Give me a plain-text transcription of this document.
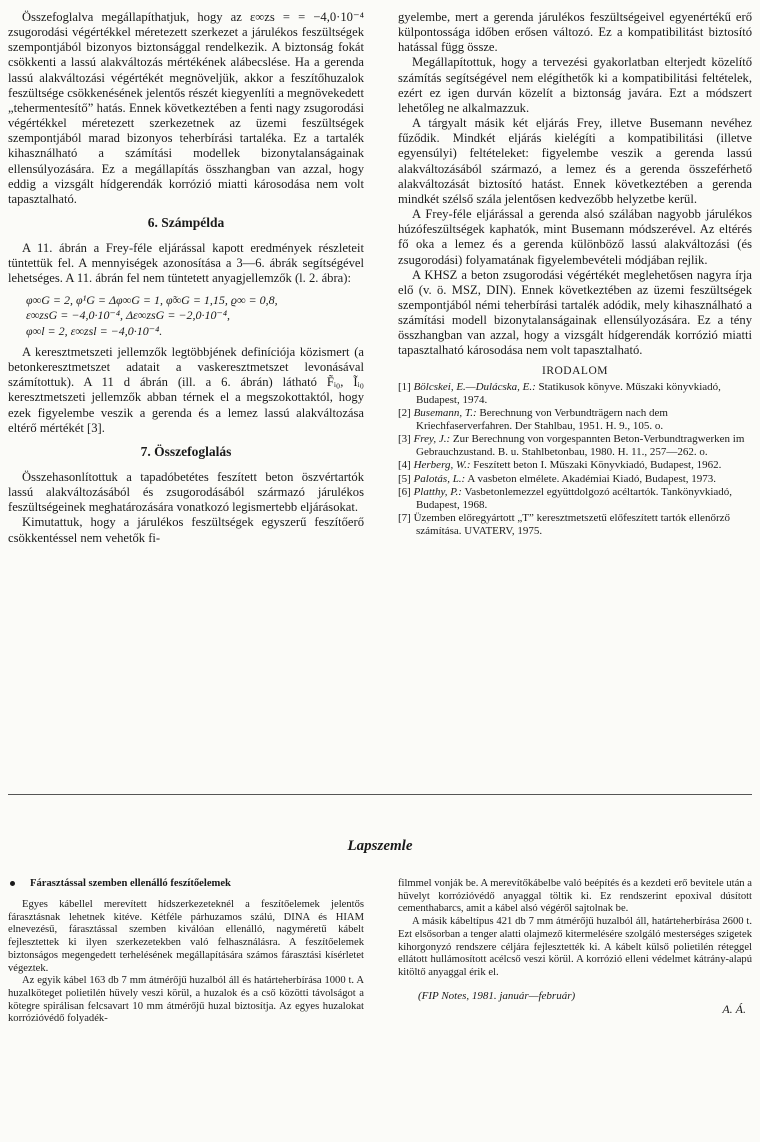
Összefoglalva megállapíthatjuk, hogy az ε∞zs = = −4,0·10⁻⁴ zsugorodási végértékkel méretezett szerkezet a járulékos feszültségek szempontjából bizonyos biztonsággal rendelkezik. A biztonság fokát csökkenti a lassú alakváltozás mértékének alábecslése. Ha a gerenda lassú alakváltozási végértékét megnöveljük, akkor a feszítőhuzalok feszültsége csökkenésének jelentős részét kiegyenlíti a megnövekedett „tehermentesítő” hatás. Ennek következtében a fenti nagy zsugorodási végértékkel méretezett szerkezetnek az üzemi feszültségek szempontjából marad bizonyos teherbírási tartaléka. Ez a tartalék kihasználható a számítási modellek bizonytalanságainak ellensúlyozására. Ez a megállapítás összhangban van azzal, hogy eddig a vizsgált hídgerendák korrózió miatti károsodása nem volt tapasztalható.

6. Számpélda

A 11. ábrán a Frey-féle eljárással kapott eredmények részleteit tüntettük fel. A mennyiségek azonosítása a 3—6. ábrák segítségével lehetséges. A 11. ábrán fel nem tüntetett anyagjellemzők (l. 2. ábra):

φ∞G = 2, φ¹G = Δφ∞G = 1, φ̃∞G = 1,15, ϱ∞ = 0,8,
ε∞zsG = −4,0·10⁻⁴, Δε∞zsG = −2,0·10⁻⁴,
φ∞l = 2, ε∞zsl = −4,0·10⁻⁴.

A keresztmetszeti jellemzők legtöbbjének definíciója közismert (a betonkeresztmetszet adatait a vaskeresztmetszet levonásával számítottuk). A 11 d ábrán (ill. a 6. ábrán) látható F̃ᵢ₀, Ĩᵢ₀ keresztmetszeti jellemzők abban térnek el a megszokottaktól, hogy ezek figyelembe veszik a gerenda és a lemez lassú alakváltozása eltérő mértékét [3].

7. Összefoglalás

Összehasonlítottuk a tapadóbetétes feszített beton öszvértartók lassú alakváltozásából és zsugorodásából származó járulékos feszültségeinek meghatározására vonatkozó legismertebb eljárásokat.

Kimutattuk, hogy a járulékos feszültségek egyszerű feszítőerő csökkentéssel nem vehetők fi-

gyelembe, mert a gerenda járulékos feszültségeivel egyenértékű erő külpontossága időben erősen változó. Ez a kompatibilitást biztosító hatással függ össze.

Megállapítottuk, hogy a tervezési gyakorlatban elterjedt közelítő számítás segítségével nem elégíthetők ki a kompatibilitási feltételek, ezért ez igen durván közelít a biztonság javára. Ezt a módszert lehetőleg ne alkalmazzuk.

A tárgyalt másik két eljárás Frey, illetve Busemann nevéhez fűződik. Mindkét eljárás kielégíti a kompatibilitási (illetve egyensúlyi) feltételeket: figyelembe veszik a gerenda lassú alakváltozásából származó, a lemez és a gerenda összeférhető alakváltozását biztosító hatást. Ennek következtében a gerenda mindkét szélső szála jelentősen kedvezőbb helyzetbe kerül.

A Frey-féle eljárással a gerenda alsó szálában nagyobb járulékos húzófeszültségek kaphatók, mint Busemann módszerével. Az eltérés fő oka a lemez és a gerenda különböző lassú alakváltozási (és zsugorodási) folyamatának figyelembevételi módjában rejlik.

A KHSZ a beton zsugorodási végértékét meglehetősen nagyra írja elő (v. ö. MSZ, DIN). Ennek következtében az üzemi feszültségek szempontjából némi teherbírási tartalék adódik, mely kihasználható a számítási modell bizonytalanságainak ellensúlyozására. Ez a tény összhangban van azzal, hogy a vizsgált hídgerendák korrózió miatti tapasztalható károsodása nem volt tapasztalható.

IRODALOM
[1] Bölcskei, E.—Dulácska, E.: Statikusok könyve. Műszaki könyvkiadó, Budapest, 1974.
[2] Busemann, T.: Berechnung von Verbundträgern nach dem Kriechfaserverfahren. Der Stahlbau, 1951. H. 9., 105. o.
[3] Frey, J.: Zur Berechnung von vorgespannten Beton-Verbundtragwerken im Gebrauchzustand. B. u. Stahlbetonbau, 1980. H. 11., 257—262. o.
[4] Herberg, W.: Feszített beton I. Műszaki Könyvkiadó, Budapest, 1962.
[5] Palotás, L.: A vasbeton elmélete. Akadémiai Kiadó, Budapest, 1973.
[6] Platthy, P.: Vasbetonlemezzel együttdolgozó acéltartók. Tankönyvkiadó, Budapest, 1968.
[7] Üzemben előregyártott „T” keresztmetszetű előfeszített tartók ellenőrző számítása. UVATERV, 1975.
Lapszemle
Fárasztással szemben ellenálló feszítőelemek

Egyes kábellel merevített hídszerkezeteknél a feszítőelemek jelentős fárasztásnak lehetnek kitéve. Kétféle párhuzamos szálú, DINA és HIAM elnevezésű, fárasztással szemben kiválóan ellenálló, nagyméretű kábelt fejlesztettek ki ilyen szerkezetekben való felhasználásra. A feszítőelemek biztonságos megengedett terhelésének megállapítására számos fárasztási kísérletet végeztek.

Az egyik kábel 163 db 7 mm átmérőjű huzalból áll és határteherbírása 1000 t. A huzalköteget polietilén hüvely veszi körül, a huzalok és a cső közötti távolságot a kötegre spirálisan felcsavart 10 mm átmérőjű huzal biztosítja. Az egyes huzalokat korrózióvédő folyadék-

filmmel vonják be. A merevítőkábelbe való beépítés és a kezdeti erő bevitele után a hüvelyt korrózióvédő anyaggal töltik ki. Ez rendszerint epoxival dúsított cementhabarcs, amit a kábel alsó végéről sajtolnak be.

A másik kábeltípus 421 db 7 mm átmérőjű huzalból áll, határteherbírása 2600 t. Ezt elsősorban a tenger alatti olajmező kitermelésére szolgáló mesterséges szigetek kihorgonyzó rendszere céljára fejlesztették ki. A kábelt külső polietilén réteggel ellátott hullámosított acélcső veszi körül. A korrózió elleni védelmet kátrány-alapú kitöltő anyaggal érik el.

(FIP Notes, 1981. január—február)
A. Á.
